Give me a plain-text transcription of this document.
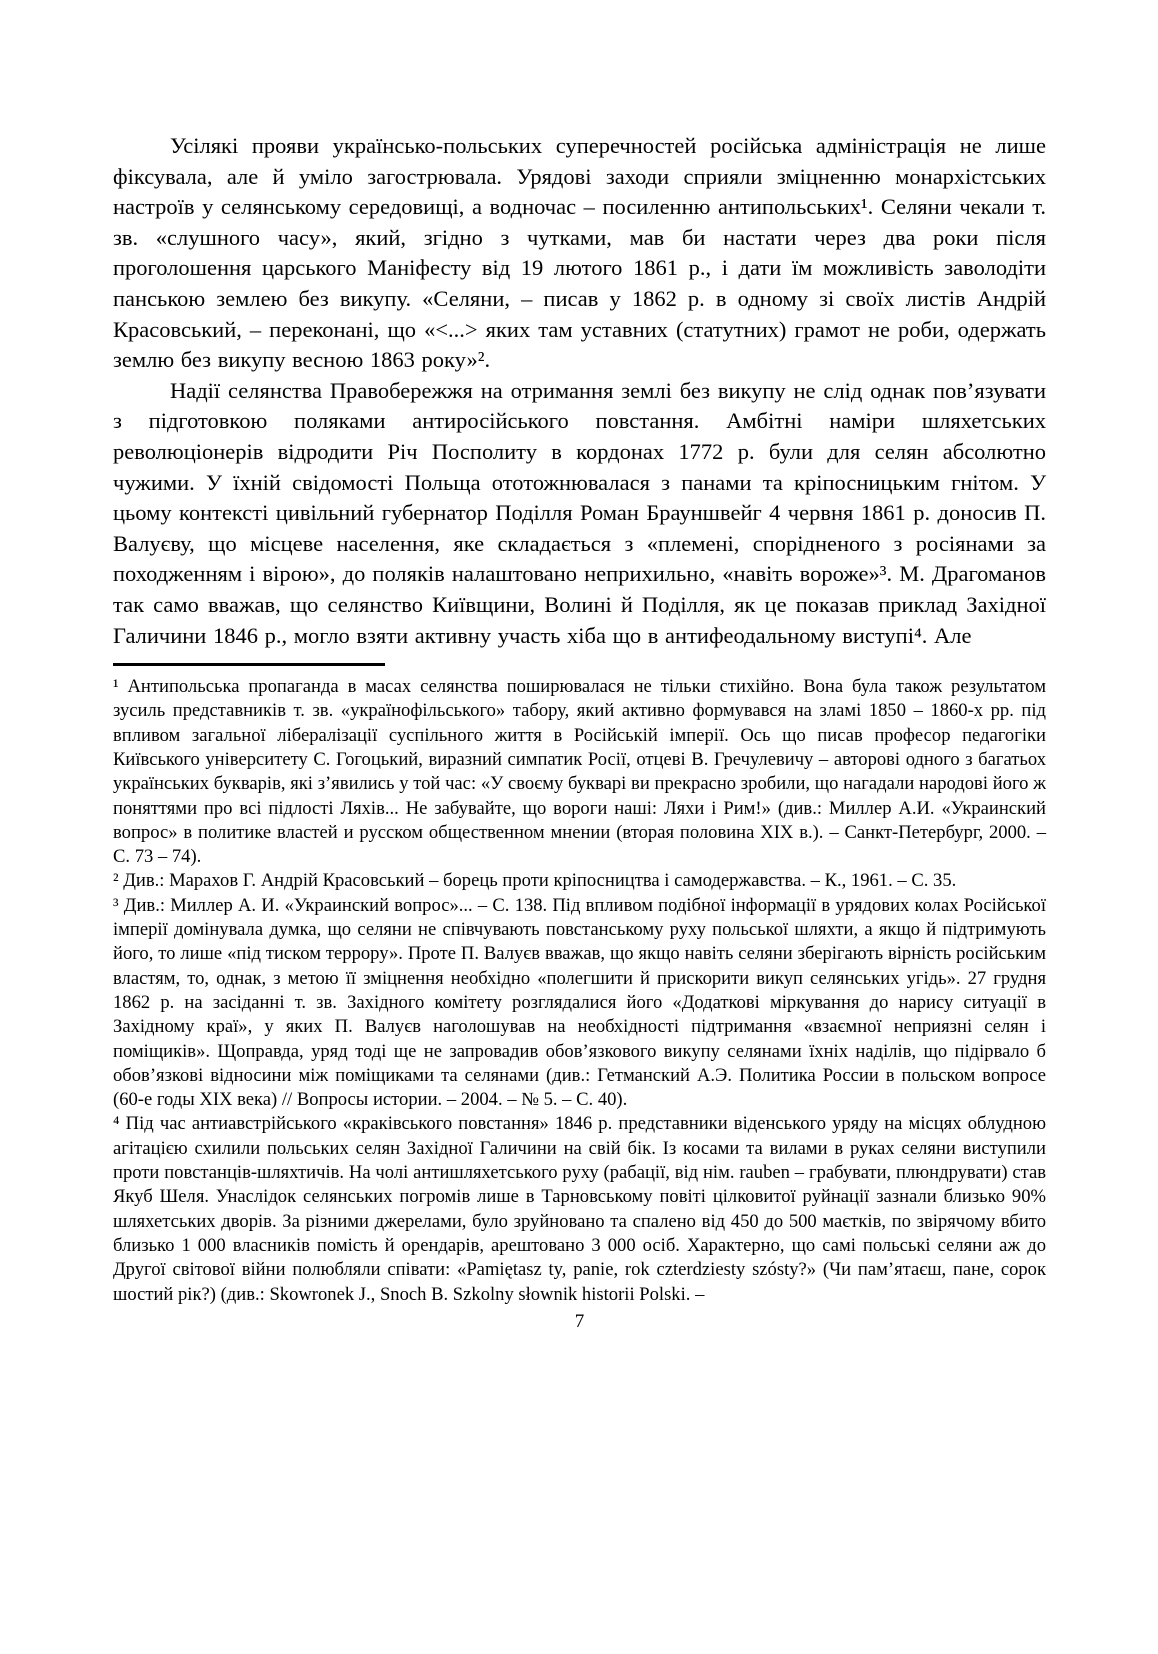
Усілякі прояви українсько-польських суперечностей російська адміністрація не лише фіксувала, але й уміло загострювала. Урядові заходи сприяли зміцненню монархістських настроїв у селянському середовищі, а водночас – посиленню антипольських¹. Селяни чекали т. зв. «слушного часу», який, згідно з чутками, мав би настати через два роки після проголошення царського Маніфесту від 19 лютого 1861 р., і дати їм можливість заволодіти панською землею без викупу. «Селяни, – писав у 1862 р. в одному зі своїх листів Андрій Красовський, – переконані, що «<...> яких там уставних (статутних) грамот не роби, одержать землю без викупу весною 1863 року»².

Надії селянства Правобережжя на отримання землі без викупу не слід однак пов’язувати з підготовкою поляками антиросійського повстання. Амбітні наміри шляхетських революціонерів відродити Річ Посполиту в кордонах 1772 р. були для селян абсолютно чужими. У їхній свідомості Польща ототожнювалася з панами та кріпосницьким гнітом. У цьому контексті цивільний губернатор Поділля Роман Брауншвейг 4 червня 1861 р. доносив П. Валуєву, що місцеве населення, яке складається з «племені, спорідненого з росіянами за походженням і вірою», до поляків налаштовано неприхильно, «навіть вороже»³. М. Драгоманов так само вважав, що селянство Київщини, Волині й Поділля, як це показав приклад Західної Галичини 1846 р., могло взяти активну участь хіба що в антифеодальному виступі⁴. Але

¹ Антипольська пропаганда в масах селянства поширювалася не тільки стихійно. Вона була також результатом зусиль представників т. зв. «українофільського» табору, який активно формувався на зламі 1850 – 1860-х рр. під впливом загальної лібералізації суспільного життя в Російській імперії. Ось що писав професор педагогіки Київського університету С. Гогоцький, виразний симпатик Росії, отцеві В. Гречулевичу – авторові одного з багатьох українських букварів, які з’явились у той час: «У своєму букварі ви прекрасно зробили, що нагадали народові його ж поняттями про всі підлості Ляхів... Не забувайте, що вороги наші: Ляхи і Рим!» (див.: Миллер А.И. «Украинский вопрос» в политике властей и русском общественном мнении (вторая половина XIX в.). – Санкт-Петербург, 2000. – С. 73 – 74).

² Див.: Марахов Г. Андрій Красовський – борець проти кріпосництва і самодержавства. – К., 1961. – С. 35.

³ Див.: Миллер А. И. «Украинский вопрос»... – С. 138. Під впливом подібної інформації в урядових колах Російської імперії домінувала думка, що селяни не співчувають повстанському руху польської шляхти, а якщо й підтримують його, то лише «під тиском террору». Проте П. Валуєв вважав, що якщо навіть селяни зберігають вірність російським властям, то, однак, з метою її зміцнення необхідно «полегшити й прискорити викуп селянських угідь». 27 грудня 1862 р. на засіданні т. зв. Західного комітету розглядалися його «Додаткові міркування до нарису ситуації в Західному краї», у яких П. Валуєв наголошував на необхідності підтримання «взаємної неприязні селян і поміщиків». Щоправда, уряд тоді ще не запровадив обов’язкового викупу селянами їхніх наділів, що підірвало б обов’язкові відносини між поміщиками та селянами (див.: Гетманский А.Э. Политика России в польском вопросе (60-е годы XIX века) // Вопросы истории. – 2004. – № 5. – С. 40).

⁴ Під час антиавстрійського «краківського повстання» 1846 р. представники віденського уряду на місцях облудною агітацією схилили польських селян Західної Галичини на свій бік. Із косами та вилами в руках селяни виступили проти повстанців-шляхтичів. На чолі антишляхетського руху (рабації, від нім. rauben – грабувати, плюндрувати) став Якуб Шеля. Унаслідок селянських погромів лише в Тарновському повіті цілковитої руйнації зазнали близько 90% шляхетських дворів. За різними джерелами, було зруйновано та спалено від 450 до 500 маєтків, по звірячому вбито близько 1 000 власників помість й орендарів, арештовано 3 000 осіб. Характерно, що самі польські селяни аж до Другої світової війни полюбляли співати: «Pamiętasz ty, panie, rok czterdziesty szósty?» (Чи пам’ятаєш, пане, сорок шостий рік?) (див.: Skowronek J., Snoch B. Szkolny słownik historii Polski. –

7
